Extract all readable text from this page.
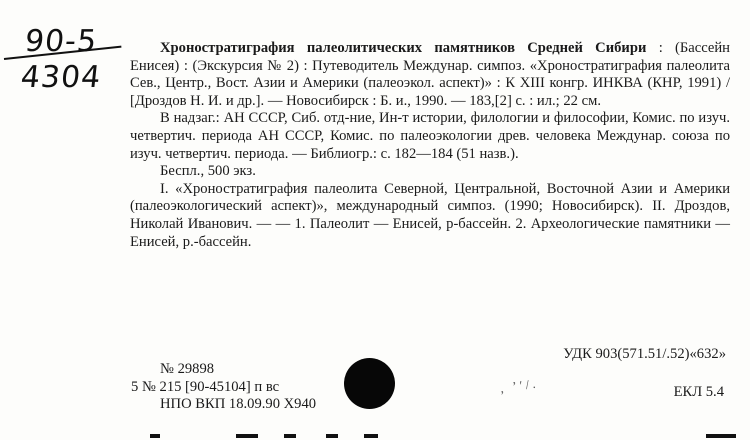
90-5
4304

Хроностратиграфия палеолитических памятников Средней Сибири : (Бассейн Енисея) : (Экскурсия № 2) : Путеводитель Междунар. симпоз. «Хроностратиграфия палеолита Сев., Центр., Вост. Азии и Америки (палеоэкол. аспект)» : К XIII конгр. ИНКВА (КНР, 1991) / [Дроздов Н. И. и др.]. — Новосибирск : Б. и., 1990. — 183,[2] с. : ил.; 22 см.

В надзаг.: АН СССР, Сиб. отд-ние, Ин-т истории, филологии и философии, Комис. по изуч. четвертич. периода АН СССР, Комис. по палеоэкологии древ. человека Междунар. союза по изуч. четвертич. периода. — Библиогр.: с. 182—184 (51 назв.).

Беспл., 500 экз.

I. «Хроностратиграфия палеолита Северной, Центральной, Восточной Азии и Америки (палеоэкологический аспект)», международный симпоз. (1990; Новосибирск). II. Дроздов, Николай Иванович. — — 1. Палеолит — Енисей, р-бассейн. 2. Археологические памятники — Енисей, р.-бассейн.

УДК 903(571.51/.52)«632»
№ 29898
5 № 215 [90-45104] п вс
НПО ВКП 18.09.90 Х940
ЕКЛ 5.4
, ʼ′/.
